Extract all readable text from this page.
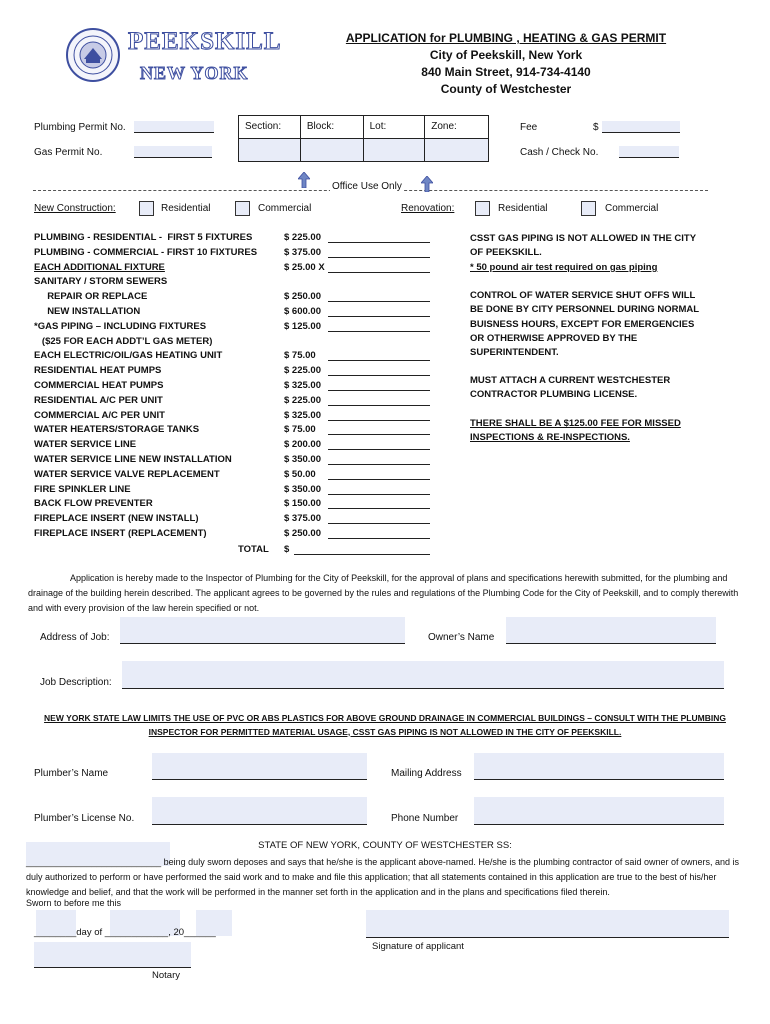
PEEKSKILL
NEW YORK
APPLICATION for PLUMBING , HEATING & GAS PERMIT
City of Peekskill, New York
840 Main Street, 914-734-4140
County of Westchester
Plumbing Permit No.
Gas Permit No.
Section:	Block:	Lot:	Zone:
				Fee	$
Cash / Check No.
Office Use Only
New Construction:	Residential	Commercial	Renovation:	Residential	Commercial
PLUMBING - RESIDENTIAL -  FIRST 5 FIXTURES	$ 225.00
PLUMBING - COMMERCIAL - FIRST 10 FIXTURES	$ 375.00
EACH ADDITIONAL FIXTURE	$ 25.00 X
SANITARY / STORM SEWERS
REPAIR OR REPLACE	$ 250.00
NEW INSTALLATION	$ 600.00
*GAS PIPING – INCLUDING FIXTURES	$ 125.00
($25 FOR EACH ADDT’L GAS METER)
EACH ELECTRIC/OIL/GAS HEATING UNIT	$ 75.00
RESIDENTIAL HEAT PUMPS	$ 225.00
COMMERCIAL HEAT PUMPS	$ 325.00
RESIDENTIAL A/C PER UNIT	$ 225.00
COMMERCIAL A/C PER UNIT	$ 325.00
WATER HEATERS/STORAGE TANKS	$ 75.00
WATER SERVICE LINE	$ 200.00
WATER SERVICE LINE NEW INSTALLATION	$ 350.00
WATER SERVICE VALVE REPLACEMENT	$ 50.00
FIRE SPINKLER LINE	$ 350.00
BACK FLOW PREVENTER	$ 150.00
FIREPLACE INSERT (NEW INSTALL)	$ 375.00
FIREPLACE INSERT (REPLACEMENT)	$ 250.00
TOTAL $
CSST GAS PIPING IS NOT ALLOWED IN THE CITY OF PEEKSKILL.
* 50 pound air test required on gas piping
CONTROL OF WATER SERVICE SHUT OFFS WILL BE DONE BY CITY PERSONNEL DURING NORMAL BUISNESS HOURS, EXCEPT FOR EMERGENCIES OR OTHERWISE APPROVED BY THE SUPERINTENDENT.
MUST ATTACH A CURRENT WESTCHESTER CONTRACTOR PLUMBING LICENSE.
THERE SHALL BE A $125.00 FEE FOR MISSED INSPECTIONS & RE-INSPECTIONS.
Application is hereby made to the Inspector of Plumbing for the City of Peekskill, for the approval of plans and specifications herewith submitted, for the plumbing and drainage of the building herein described. The applicant agrees to be governed by the rules and regulations of the Plumbing Code for the City of Peekskill, and to comply therewith and with every provision of the law herein specified or not.
Address of Job:	Owner’s Name
Job Description:
NEW YORK STATE LAW LIMITS THE USE OF PVC OR ABS PLASTICS FOR ABOVE GROUND DRAINAGE IN COMMERCIAL BUILDINGS – CONSULT WITH THE PLUMBING INSPECTOR FOR PERMITTED MATERIAL USAGE, CSST GAS PIPING IS NOT ALLOWED IN THE CITY OF PEEKSKILL.
Plumber’s Name	Mailing Address
Plumber’s License No.	Phone Number
STATE OF NEW YORK, COUNTY OF WESTCHESTER SS:
___________________________ being duly sworn deposes and says that he/she is the applicant above-named. He/she is the plumbing contractor of said owner of owners, and is duly authorized to perform or have performed the said work and to make and file this application; that all statements contained in this application are true to the best of his/her knowledge and belief, and that the work will be performed in the manner set forth in the application and in the plans and specifications filed therein.
Sworn to before me this
________day of ____________, 20______
Signature of applicant
Notary
